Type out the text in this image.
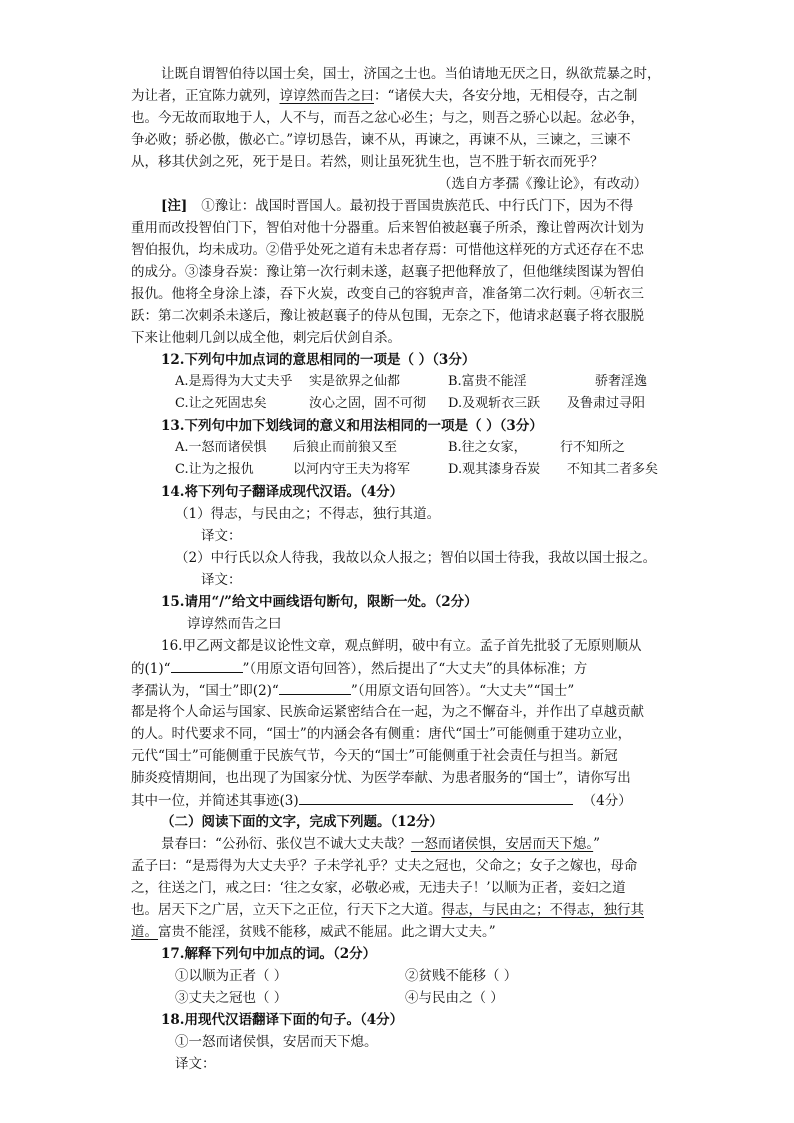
让既自谓智伯待以国士矣，国士，济国之士也。当伯请地无厌之日，纵欲荒暴之时，
为让者，正宜陈力就列，谆谆然而告之曰：“诸侯大夫，各安分地，无相侵夺，古之制
也。今无故而取地于人，人不与，而吾之忿心必生；与之，则吾之骄心以起。忿必争，
争必败；骄必傲，傲必亡。”谆切恳告，谏不从，再谏之，再谏不从，三谏之，三谏不
从，移其伏剑之死，死于是日。若然，则让虽死犹生也，岂不胜于斩衣而死乎？
（选自方孝孺《豫让论》，有改动）
[注] ①豫让：战国时晋国人。最初投于晋国贵族范氏、中行氏门下，因为不得
重用而改投智伯门下，智伯对他十分器重。后来智伯被赵襄子所杀，豫让曾两次计划为
智伯报仇，均未成功。②借乎处死之道有未忠者存焉：可惜他这样死的方式还存在不忠
的成分。③漆身吞炭：豫让第一次行刺未遂，赵襄子把他释放了，但他继续图谋为智伯
报仇。他将全身涂上漆，吞下火炭，改变自己的容貌声音，准备第二次行刺。④斩衣三
跃：第二次刺杀未遂后，豫让被赵襄子的侍从包围，无奈之下，他请求赵襄子将衣服脱
下来让他刺几剑以成全他，刺完后伏剑自杀。
12.下列句中加点词的意思相同的一项是（ ）（3分）
A.是焉得为大丈夫乎 实是欲界之仙都	B.富贵不能淫	骄奢淫逸
C.让之死固忠矣	汝心之固，固不可彻 D.及观斩衣三跃 及鲁肃过寻阳
13.下列句中加下划线词的意义和用法相同的一项是（ ）（3分）
A.一怒而诸侯惧 后狼止而前狼又至	B.往之女家，	行不知所之
C.让为之报仇	以河内守王夫为将军	D.观其漆身吞炭 不知其二者多矣
14.将下列句子翻译成现代汉语。（4分）
（1）得志，与民由之；不得志，独行其道。
译文：
（2）中行氏以众人待我，我故以众人报之；智伯以国士待我，我故以国士报之。
译文：
15.请用“/”给文中画线语句断句，限断一处。（2分）
谆谆然而告之曰
16.甲乙两文都是议论性文章，观点鲜明，破中有立。孟子首先批驳了无原则顺从
的(1)“	”（用原文语句回答），然后提出了“大丈夫”的具体标准；方
孝孺认为，“国士”即(2)“	”（用原文语句回答）。“大丈夫”“国士”
都是将个人命运与国家、民族命运紧密结合在一起，为之不懈奋斗，并作出了卓越贡献
的人。时代要求不同，“国士”的内涵会各有侧重：唐代“国士”可能侧重于建功立业，
元代“国士”可能侧重于民族气节，今天的“国士”可能侧重于社会责任与担当。新冠
肺炎疫情期间，也出现了为国家分忧、为医学奉献、为患者服务的“国士”，请你写出
其中一位，并简述其事迹(3)	（4分）
（二）阅读下面的文字，完成下列题。（12分）
景春曰：“公孙衍、张仪岂不诚大丈夫哉？一怒而诸侯惧，安居而天下熄。”
孟子曰：“是焉得为大丈夫乎？子未学礼乎？丈夫之冠也，父命之；女子之嫁也，母命
之，往送之门，戒之曰：‘往之女家，必敬必戒，无违夫子！’以顺为正者，妾妇之道
也。居天下之广居，立天下之正位，行天下之大道。得志，与民由之；不得志，独行其
道。富贵不能淫，贫贱不能移，威武不能屈。此之谓大丈夫。”
17.解释下列句中加点的词。（2分）
①以顺为正者（ ）	②贫贱不能移（ ）
③丈夫之冠也（ ）	④与民由之（ ）
18.用现代汉语翻译下面的句子。（4分）
①一怒而诸侯惧，安居而天下熄。
译文：
